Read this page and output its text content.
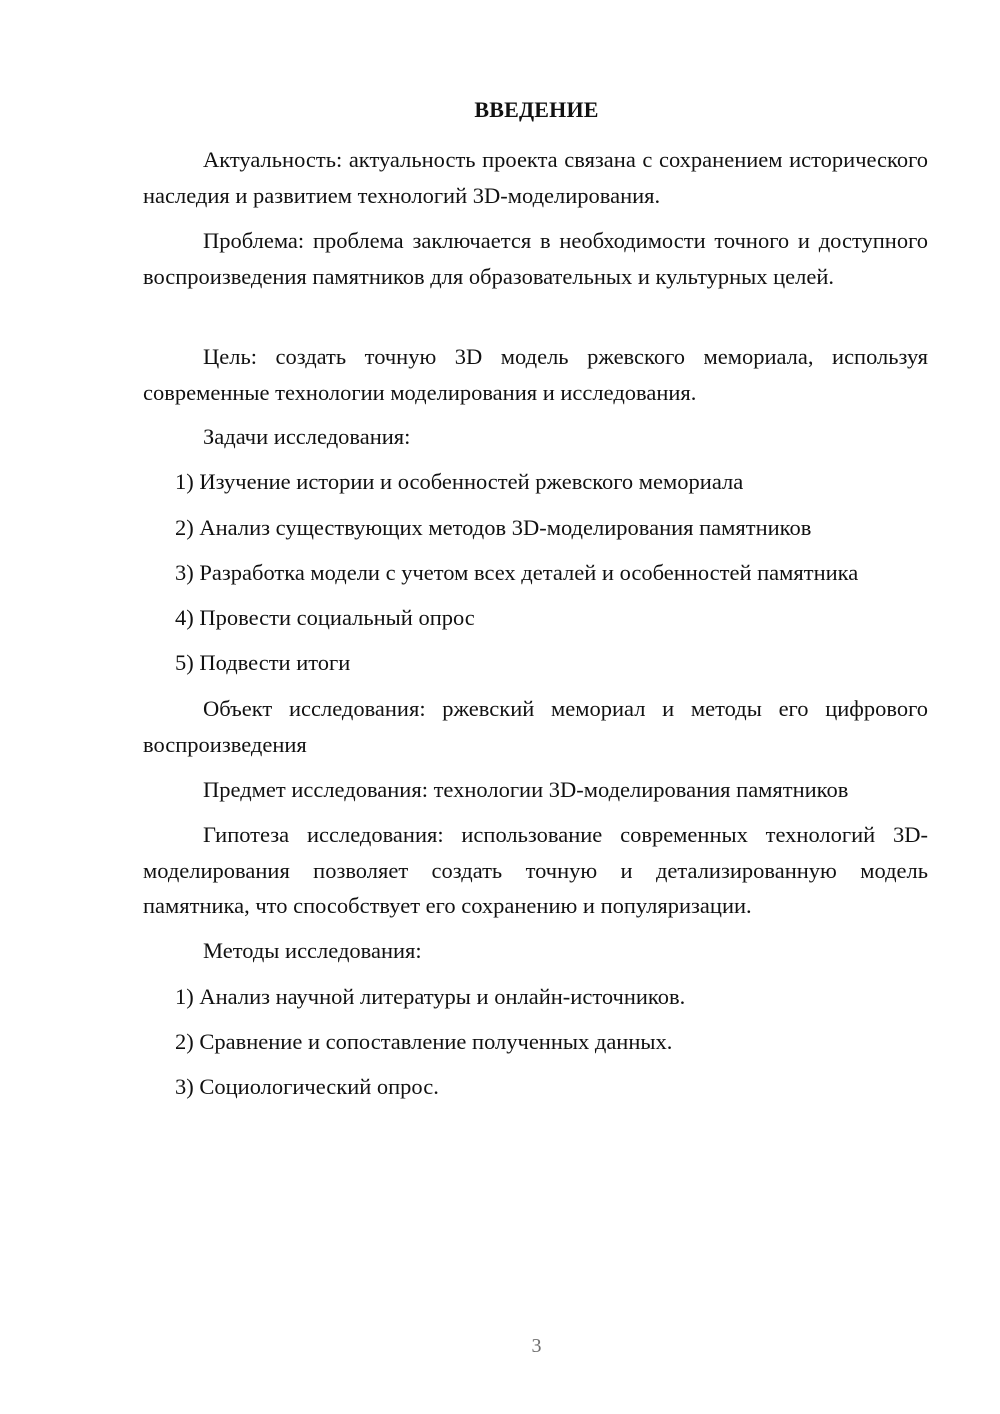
ВВЕДЕНИЕ
Актуальность: актуальность проекта связана с сохранением исторического наследия и развитием технологий 3D-моделирования.
Проблема: проблема заключается в необходимости точного и доступного воспроизведения памятников для образовательных и культурных целей.
Цель: создать точную 3D модель ржевского мемориала, используя современные технологии моделирования и исследования.
Задачи исследования:
1) Изучение истории и особенностей ржевского мемориала
2) Анализ существующих методов 3D-моделирования памятников
3) Разработка модели с учетом всех деталей и особенностей памятника
4) Провести социальный опрос
5) Подвести итоги
Объект исследования: ржевский мемориал и методы его цифрового воспроизведения
Предмет исследования: технологии 3D-моделирования памятников
Гипотеза исследования: использование современных технологий 3D-моделирования позволяет создать точную и детализированную модель памятника, что способствует его сохранению и популяризации.
Методы исследования:
1) Анализ научной литературы и онлайн-источников.
2) Сравнение и сопоставление полученных данных.
3) Социологический опрос.
3
